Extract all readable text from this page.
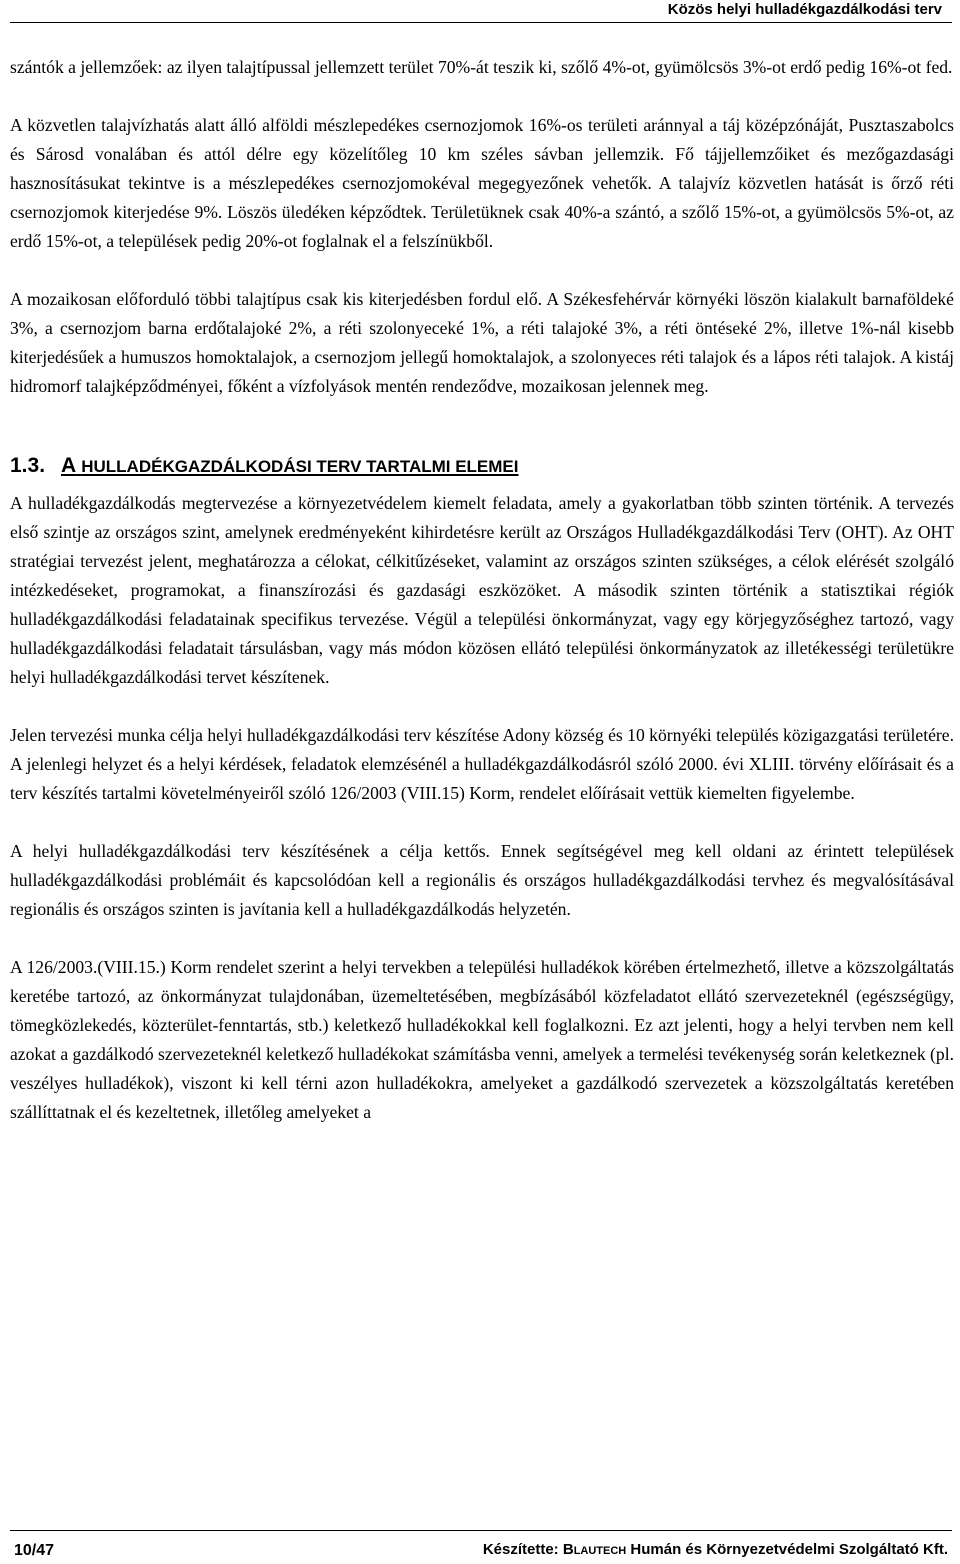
Közös helyi hulladékgazdálkodási terv

szántók a jellemzőek: az ilyen talajtípussal jellemzett terület 70%-át teszik ki, szőlő 4%-ot, gyümölcsös 3%-ot erdő pedig 16%-ot fed.

A közvetlen talajvízhatás alatt álló alföldi mészlepedékes csernozjomok 16%-os területi aránnyal a táj középzónáját, Pusztaszabolcs és Sárosd vonalában és attól délre egy közelítőleg 10 km széles sávban jellemzik. Fő tájjellemzőiket és mezőgazdasági hasznosításukat tekintve is a mészlepedékes csernozjomokéval megegyezőnek vehetők. A talajvíz közvetlen hatását is őrző réti csernozjomok kiterjedése 9%. Löszös üledéken képződtek. Területüknek csak 40%-a szántó, a szőlő 15%-ot, a gyümölcsös 5%-ot, az erdő 15%-ot, a települések pedig 20%-ot foglalnak el a felszínükből.

A mozaikosan előforduló többi talajtípus csak kis kiterjedésben fordul elő. A Székesfehérvár környéki löszön kialakult barnaföldeké 3%, a csernozjom barna erdőtalajoké 2%, a réti szolonyeceké 1%, a réti talajoké 3%, a réti öntéseké 2%, illetve 1%-nál kisebb kiterjedésűek a humuszos homoktalajok, a csernozjom jellegű homoktalajok, a szolonyeces réti talajok és a lápos réti talajok. A kistáj hidromorf talajképződményei, főként a vízfolyások mentén rendeződve, mozaikosan jelennek meg.

1.3. A HULLADÉKGAZDÁLKODÁSI TERV TARTALMI ELEMEI

A hulladékgazdálkodás megtervezése a környezetvédelem kiemelt feladata, amely a gyakorlatban több szinten történik. A tervezés első szintje az országos szint, amelynek eredményeként kihirdetésre került az Országos Hulladékgazdálkodási Terv (OHT). Az OHT stratégiai tervezést jelent, meghatározza a célokat, célkitűzéseket, valamint az országos szinten szükséges, a célok elérését szolgáló intézkedéseket, programokat, a finanszírozási és gazdasági eszközöket. A második szinten történik a statisztikai régiók hulladékgazdálkodási feladatainak specifikus tervezése. Végül a települési önkormányzat, vagy egy körjegyzőséghez tartozó, vagy hulladékgazdálkodási feladatait társulásban, vagy más módon közösen ellátó települési önkormányzatok az illetékességi területükre helyi hulladékgazdálkodási tervet készítenek.

Jelen tervezési munka célja helyi hulladékgazdálkodási terv készítése Adony község és 10 környéki település közigazgatási területére. A jelenlegi helyzet és a helyi kérdések, feladatok elemzésénél a hulladékgazdálkodásról szóló 2000. évi XLIII. törvény előírásait és a terv készítés tartalmi követelményeiről szóló 126/2003 (VIII.15) Korm, rendelet előírásait vettük kiemelten figyelembe.

A helyi hulladékgazdálkodási terv készítésének a célja kettős. Ennek segítségével meg kell oldani az érintett települések hulladékgazdálkodási problémáit és kapcsolódóan kell a regionális és országos hulladékgazdálkodási tervhez és megvalósításával regionális és országos szinten is javítania kell a hulladékgazdálkodás helyzetén.

A 126/2003.(VIII.15.) Korm rendelet szerint a helyi tervekben a települési hulladékok körében értelmezhető, illetve a közszolgáltatás keretébe tartozó, az önkormányzat tulajdonában, üzemeltetésében, megbízásából közfeladatot ellátó szervezeteknél (egészségügy, tömegközlekedés, közterület-fenntartás, stb.) keletkező hulladékokkal kell foglalkozni. Ez azt jelenti, hogy a helyi tervben nem kell azokat a gazdálkodó szervezeteknél keletkező hulladékokat számításba venni, amelyek a termelési tevékenység során keletkeznek (pl. veszélyes hulladékok), viszont ki kell térni azon hulladékokra, amelyeket a gazdálkodó szervezetek a közszolgáltatás keretében szállíttatnak el és kezeltetnek, illetőleg amelyeket a

10/47	Készítette: Blautech Humán és Környezetvédelmi Szolgáltató Kft.
